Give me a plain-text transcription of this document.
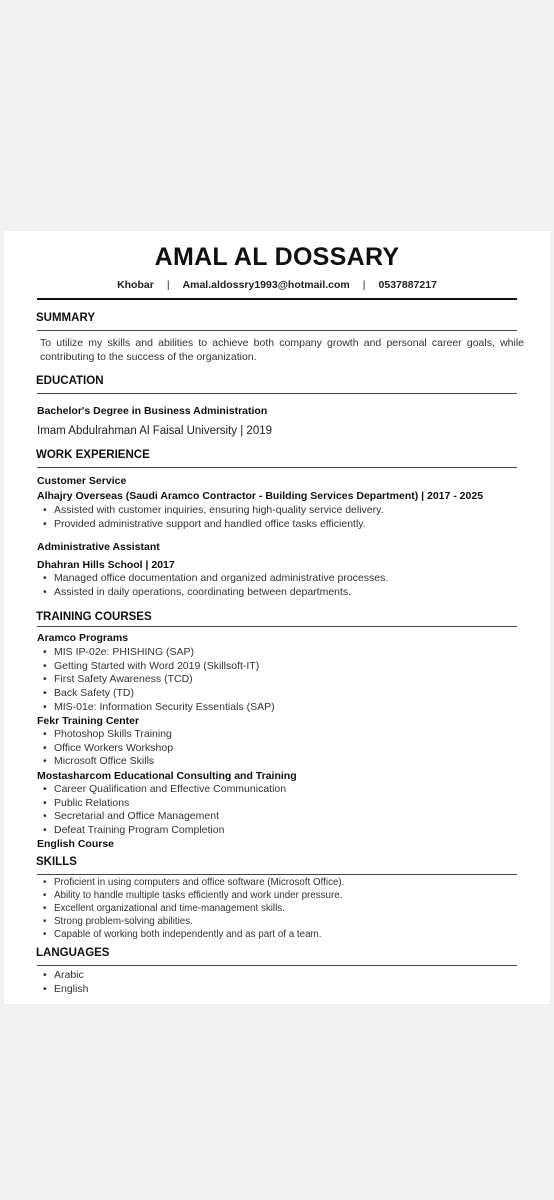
AMAL AL DOSSARY
Khobar | Amal.aldossry1993@hotmail.com | 0537887217
SUMMARY
To utilize my skills and abilities to achieve both company growth and personal career goals, while contributing to the success of the organization.
EDUCATION
Bachelor's Degree in Business Administration
Imam Abdulrahman Al Faisal University | 2019
WORK EXPERIENCE
Customer Service
Alhajry Overseas (Saudi Aramco Contractor - Building Services Department) | 2017 - 2025
• Assisted with customer inquiries, ensuring high-quality service delivery.
• Provided administrative support and handled office tasks efficiently.
Administrative Assistant
Dhahran Hills School | 2017
• Managed office documentation and organized administrative processes.
• Assisted in daily operations, coordinating between departments.
TRAINING COURSES
Aramco Programs
• MIS IP-02e: PHISHING (SAP)
• Getting Started with Word 2019 (Skillsoft-IT)
• First Safety Awareness (TCD)
• Back Safety (TD)
• MIS-01e: Information Security Essentials (SAP)
Fekr Training Center
• Photoshop Skills Training
• Office Workers Workshop
• Microsoft Office Skills
Mostasharcom Educational Consulting and Training
• Career Qualification and Effective Communication
• Public Relations
• Secretarial and Office Management
• Defeat Training Program Completion
English Course
SKILLS
• Proficient in using computers and office software (Microsoft Office).
• Ability to handle multiple tasks efficiently and work under pressure.
• Excellent organizational and time-management skills.
• Strong problem-solving abilities.
• Capable of working both independently and as part of a team.
LANGUAGES
• Arabic
• English
